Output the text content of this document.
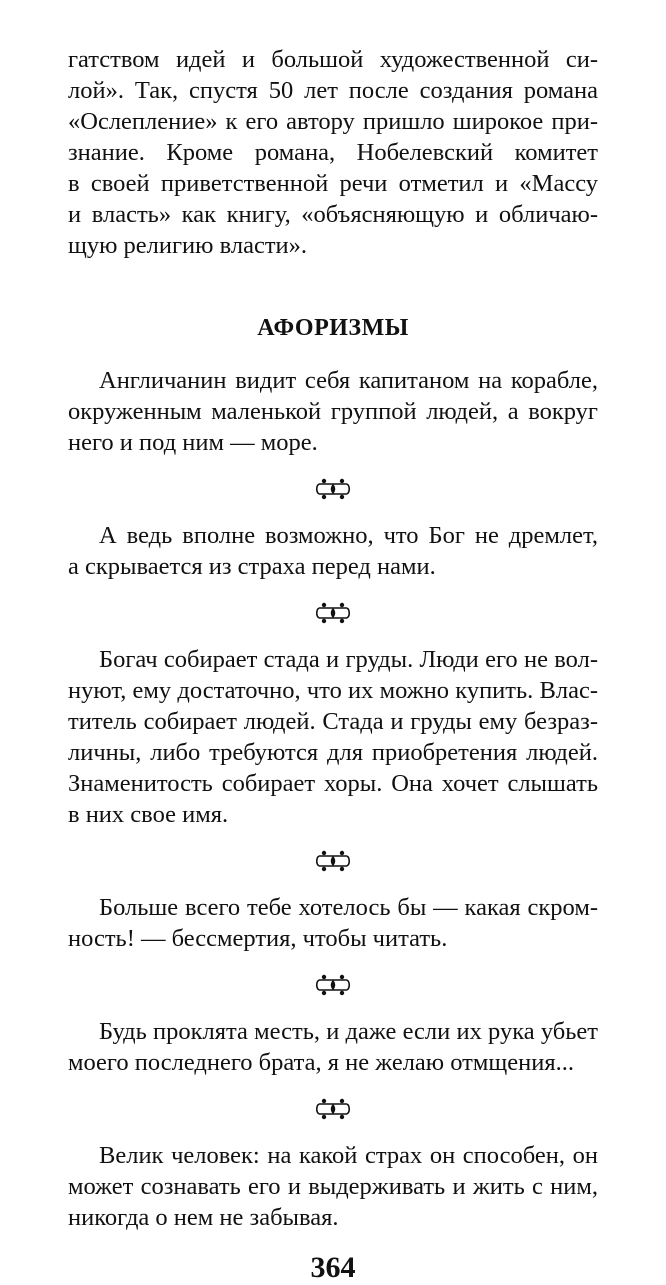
гатством идей и большой художественной си-
лой». Так, спустя 50 лет после создания романа
«Ослепление» к его автору пришло широкое при-
знание. Кроме романа, Нобелевский комитет
в своей приветственной речи отметил и «Массу
и власть» как книгу, «объясняющую и обличаю-
щую религию власти».
АФОРИЗМЫ
Англичанин видит себя капитаном на корабле,
окруженным маленькой группой людей, а вокруг
него и под ним — море.
А ведь вполне возможно, что Бог не дремлет,
а скрывается из страха перед нами.
Богач собирает стада и груды. Люди его не вол-
нуют, ему достаточно, что их можно купить. Влас-
титель собирает людей. Стада и груды ему безраз-
личны, либо требуются для приобретения людей.
Знаменитость собирает хоры. Она хочет слышать
в них свое имя.
Больше всего тебе хотелось бы — какая скром-
ность! — бессмертия, чтобы читать.
Будь проклята месть, и даже если их рука убьет
моего последнего брата, я не желаю отмщения...
Велик человек: на какой страх он способен, он
может сознавать его и выдерживать и жить с ним,
никогда о нем не забывая.
364
